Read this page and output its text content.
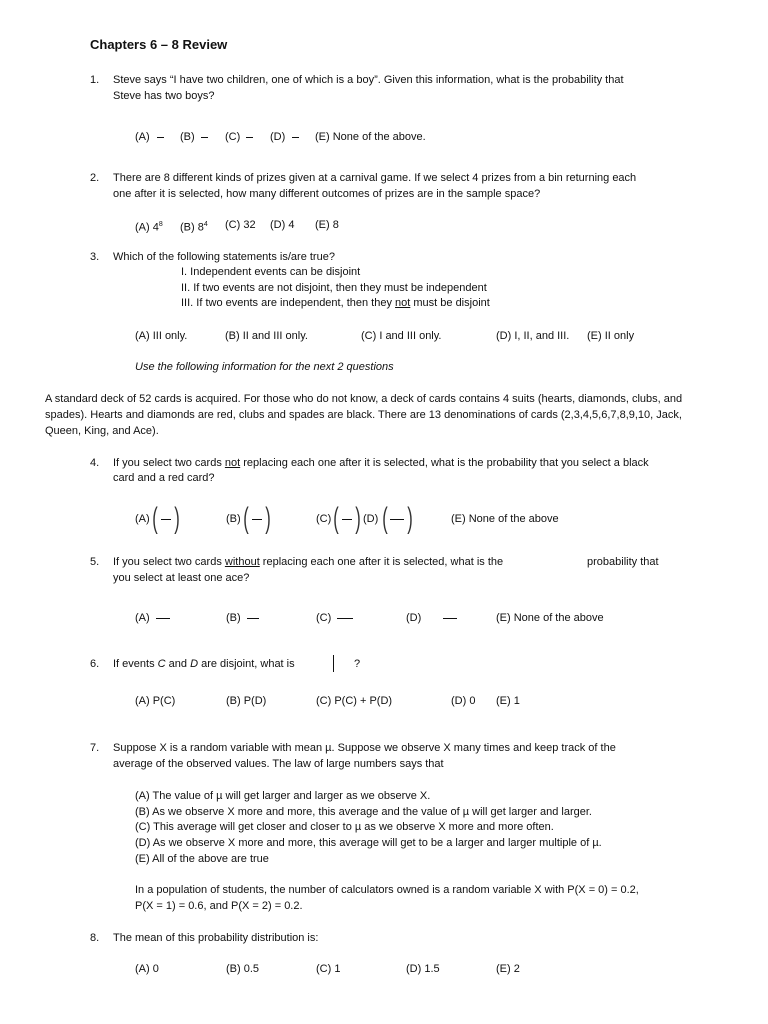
Chapters 6 – 8 Review
1. Steve says “I have two children, one of which is a boy”. Given this information, what is the probability that
Steve has two boys?
(A)	(B)	(C)	(D)	(E) None of the above.
2. There are 8 different kinds of prizes given at a carnival game. If we select 4 prizes from a bin returning each
one after it is selected, how many different outcomes of prizes are in the sample space?
(A) $4^8$ (B) $8^4$ (C) 32 (D) 4 (E) 8
3. Which of the following statements is/are true?
I. Independent events can be disjoint
II. If two events are not disjoint, then they must be independent
III. If two events are independent, then they not must be disjoint
(A) III only.	(B) II and III only.	(C) I and III only.	(D) I, II, and III. (E) II only
Use the following information for the next 2 questions
A standard deck of 52 cards is acquired. For those who do not know, a deck of cards contains 4 suits (hearts, diamonds, clubs, and
spades). Hearts and diamonds are red, clubs and spades are black. There are 13 denominations of cards (2,3,4,5,6,7,8,9,10, Jack,
Queen, King, and Ace).
4. If you select two cards not replacing each one after it is selected, what is the probability that you select a black
card and a red card?
(A) ( )	(B) ( )	(C) ( ) (D) ( )	(E) None of the above
5. If you select two cards without replacing each one after it is selected, what is the	probability that
you select at least one ace?
(A)	(B)	(C)	(D)	(E) None of the above
6. If events C and D are disjoint, what is	?
(A) P(C)	(B) P(D)	(C) P(C) + P(D)	(D) 0 (E) 1
7. Suppose X is a random variable with mean µ. Suppose we observe X many times and keep track of the
average of the observed values. The law of large numbers says that
(A) The value of µ will get larger and larger as we observe X.
(B) As we observe X more and more, this average and the value of µ will get larger and larger.
(C) This average will get closer and closer to µ as we observe X more and more often.
(D) As we observe X more and more, this average will get to be a larger and larger multiple of µ.
(E) All of the above are true
In a population of students, the number of calculators owned is a random variable X with P(X = 0) = 0.2,
P(X = 1) = 0.6, and P(X = 2) = 0.2.
8. The mean of this probability distribution is:
(A) 0	(B) 0.5	(C) 1	(D) 1.5	(E) 2
